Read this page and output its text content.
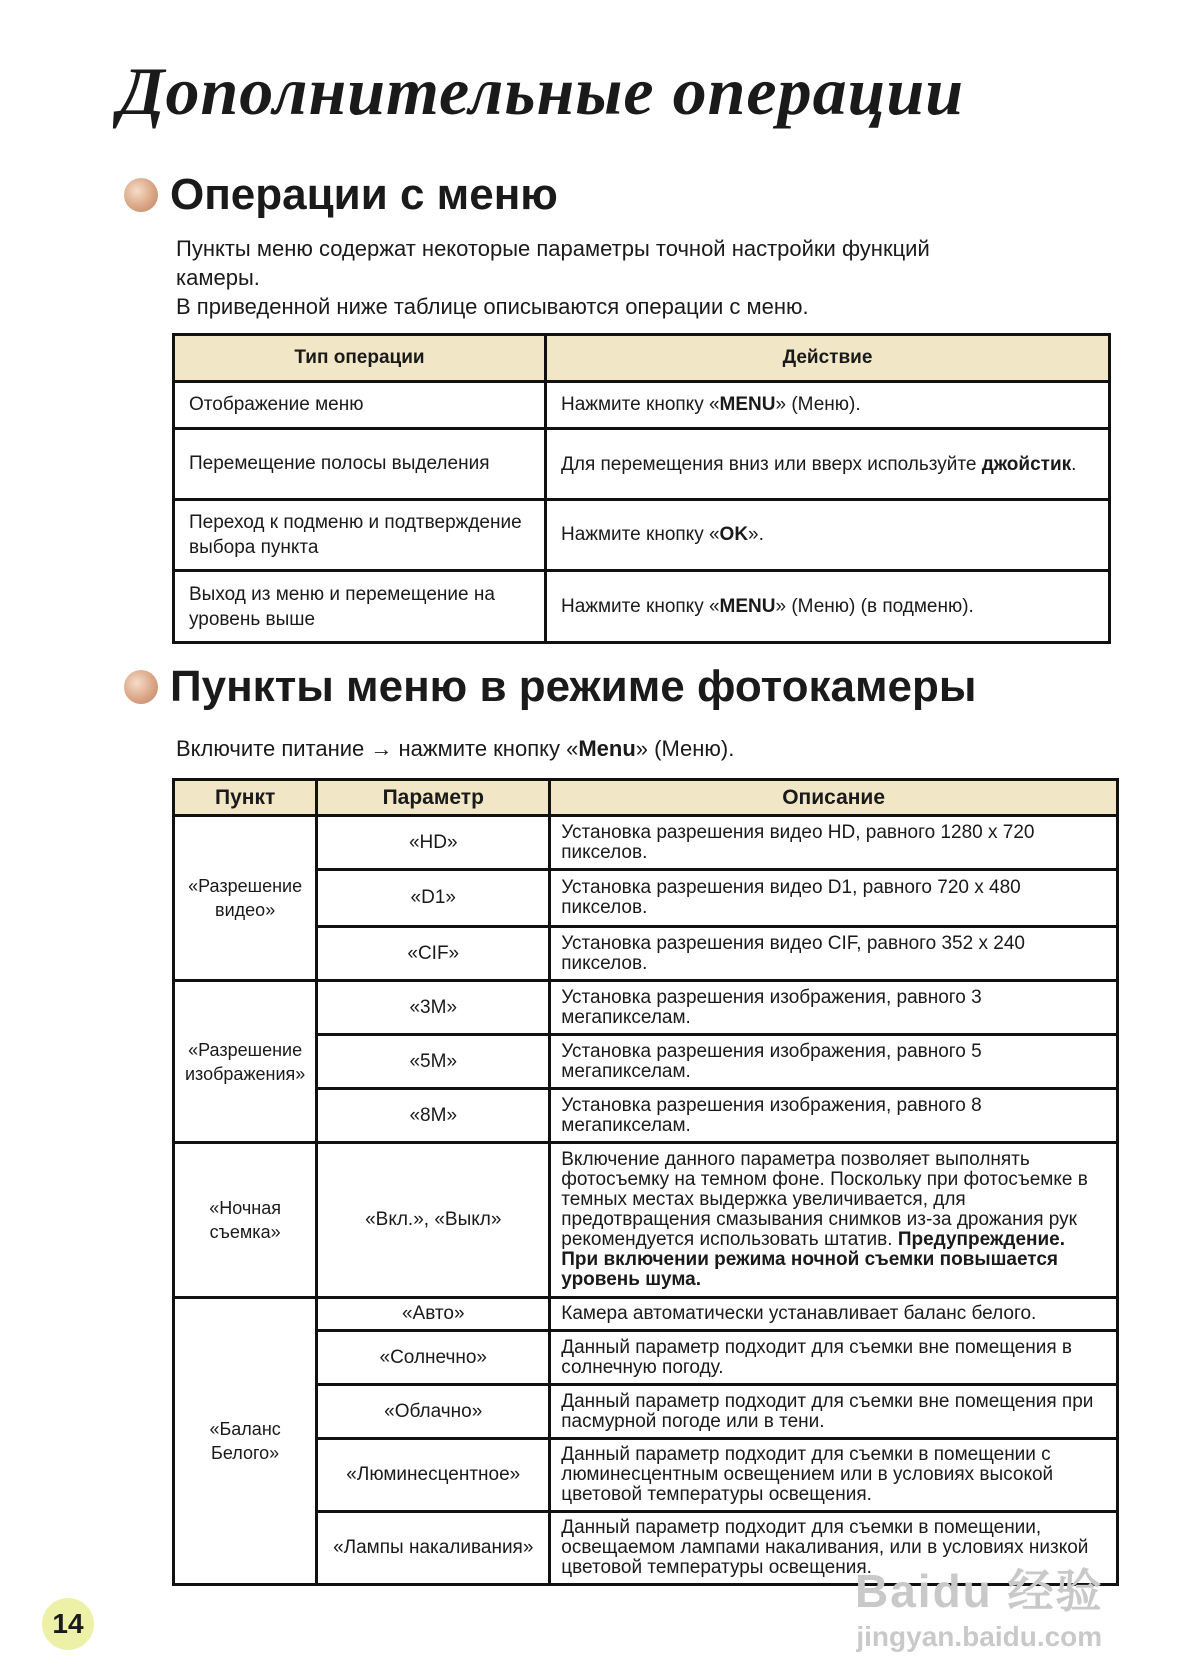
Дополнительные операции
Операции с меню
Пункты меню содержат некоторые параметры точной настройки функций
камеры.
В приведенной ниже таблице описываются операции с меню.
Тип операции	Действие
Отображение меню	Нажмите кнопку «MENU» (Меню).
Перемещение полосы выделения	Для перемещения вниз или вверх используйте джойстик.
Переход к подменю и подтверждение выбора пункта	Нажмите кнопку «OK».
Выход из меню и перемещение на уровень выше	Нажмите кнопку «MENU» (Меню) (в подменю).
Пункты меню в режиме фотокамеры
Включите питание → нажмите кнопку «Menu» (Меню).
Пункт	Параметр	Описание
«Разрешение видео»	«HD»	Установка разрешения видео HD, равного 1280 x 720 пикселов.
	«D1»	Установка разрешения видео D1, равного 720 x 480 пикселов.
	«CIF»	Установка разрешения видео CIF, равного 352 x 240 пикселов.
«Разрешение изображения»	«3M»	Установка разрешения изображения, равного 3 мегапикселам.
	«5M»	Установка разрешения изображения, равного 5 мегапикселам.
	«8M»	Установка разрешения изображения, равного 8 мегапикселам.
«Ночная съемка»	«Вкл.», «Выкл»	Включение данного параметра позволяет выполнять фотосъемку на темном фоне. Поскольку при фотосъемке в темных местах выдержка увеличивается, для предотвращения смазывания снимков из-за дрожания рук рекомендуется использовать штатив. Предупреждение. При включении режима ночной съемки повышается уровень шума.
«Баланс Белого»	«Авто»	Камера автоматически устанавливает баланс белого.
	«Солнечно»	Данный параметр подходит для съемки вне помещения в солнечную погоду.
	«Облачно»	Данный параметр подходит для съемки вне помещения при пасмурной погоде или в тени.
	«Люминесцентное»	Данный параметр подходит для съемки в помещении с люминесцентным освещением или в условиях высокой цветовой температуры освещения.
	«Лампы накаливания»	Данный параметр подходит для съемки в помещении, освещаемом лампами накаливания, или в условиях низкой цветовой температуры освещения.
14
Baidu 经验
jingyan.baidu.com
